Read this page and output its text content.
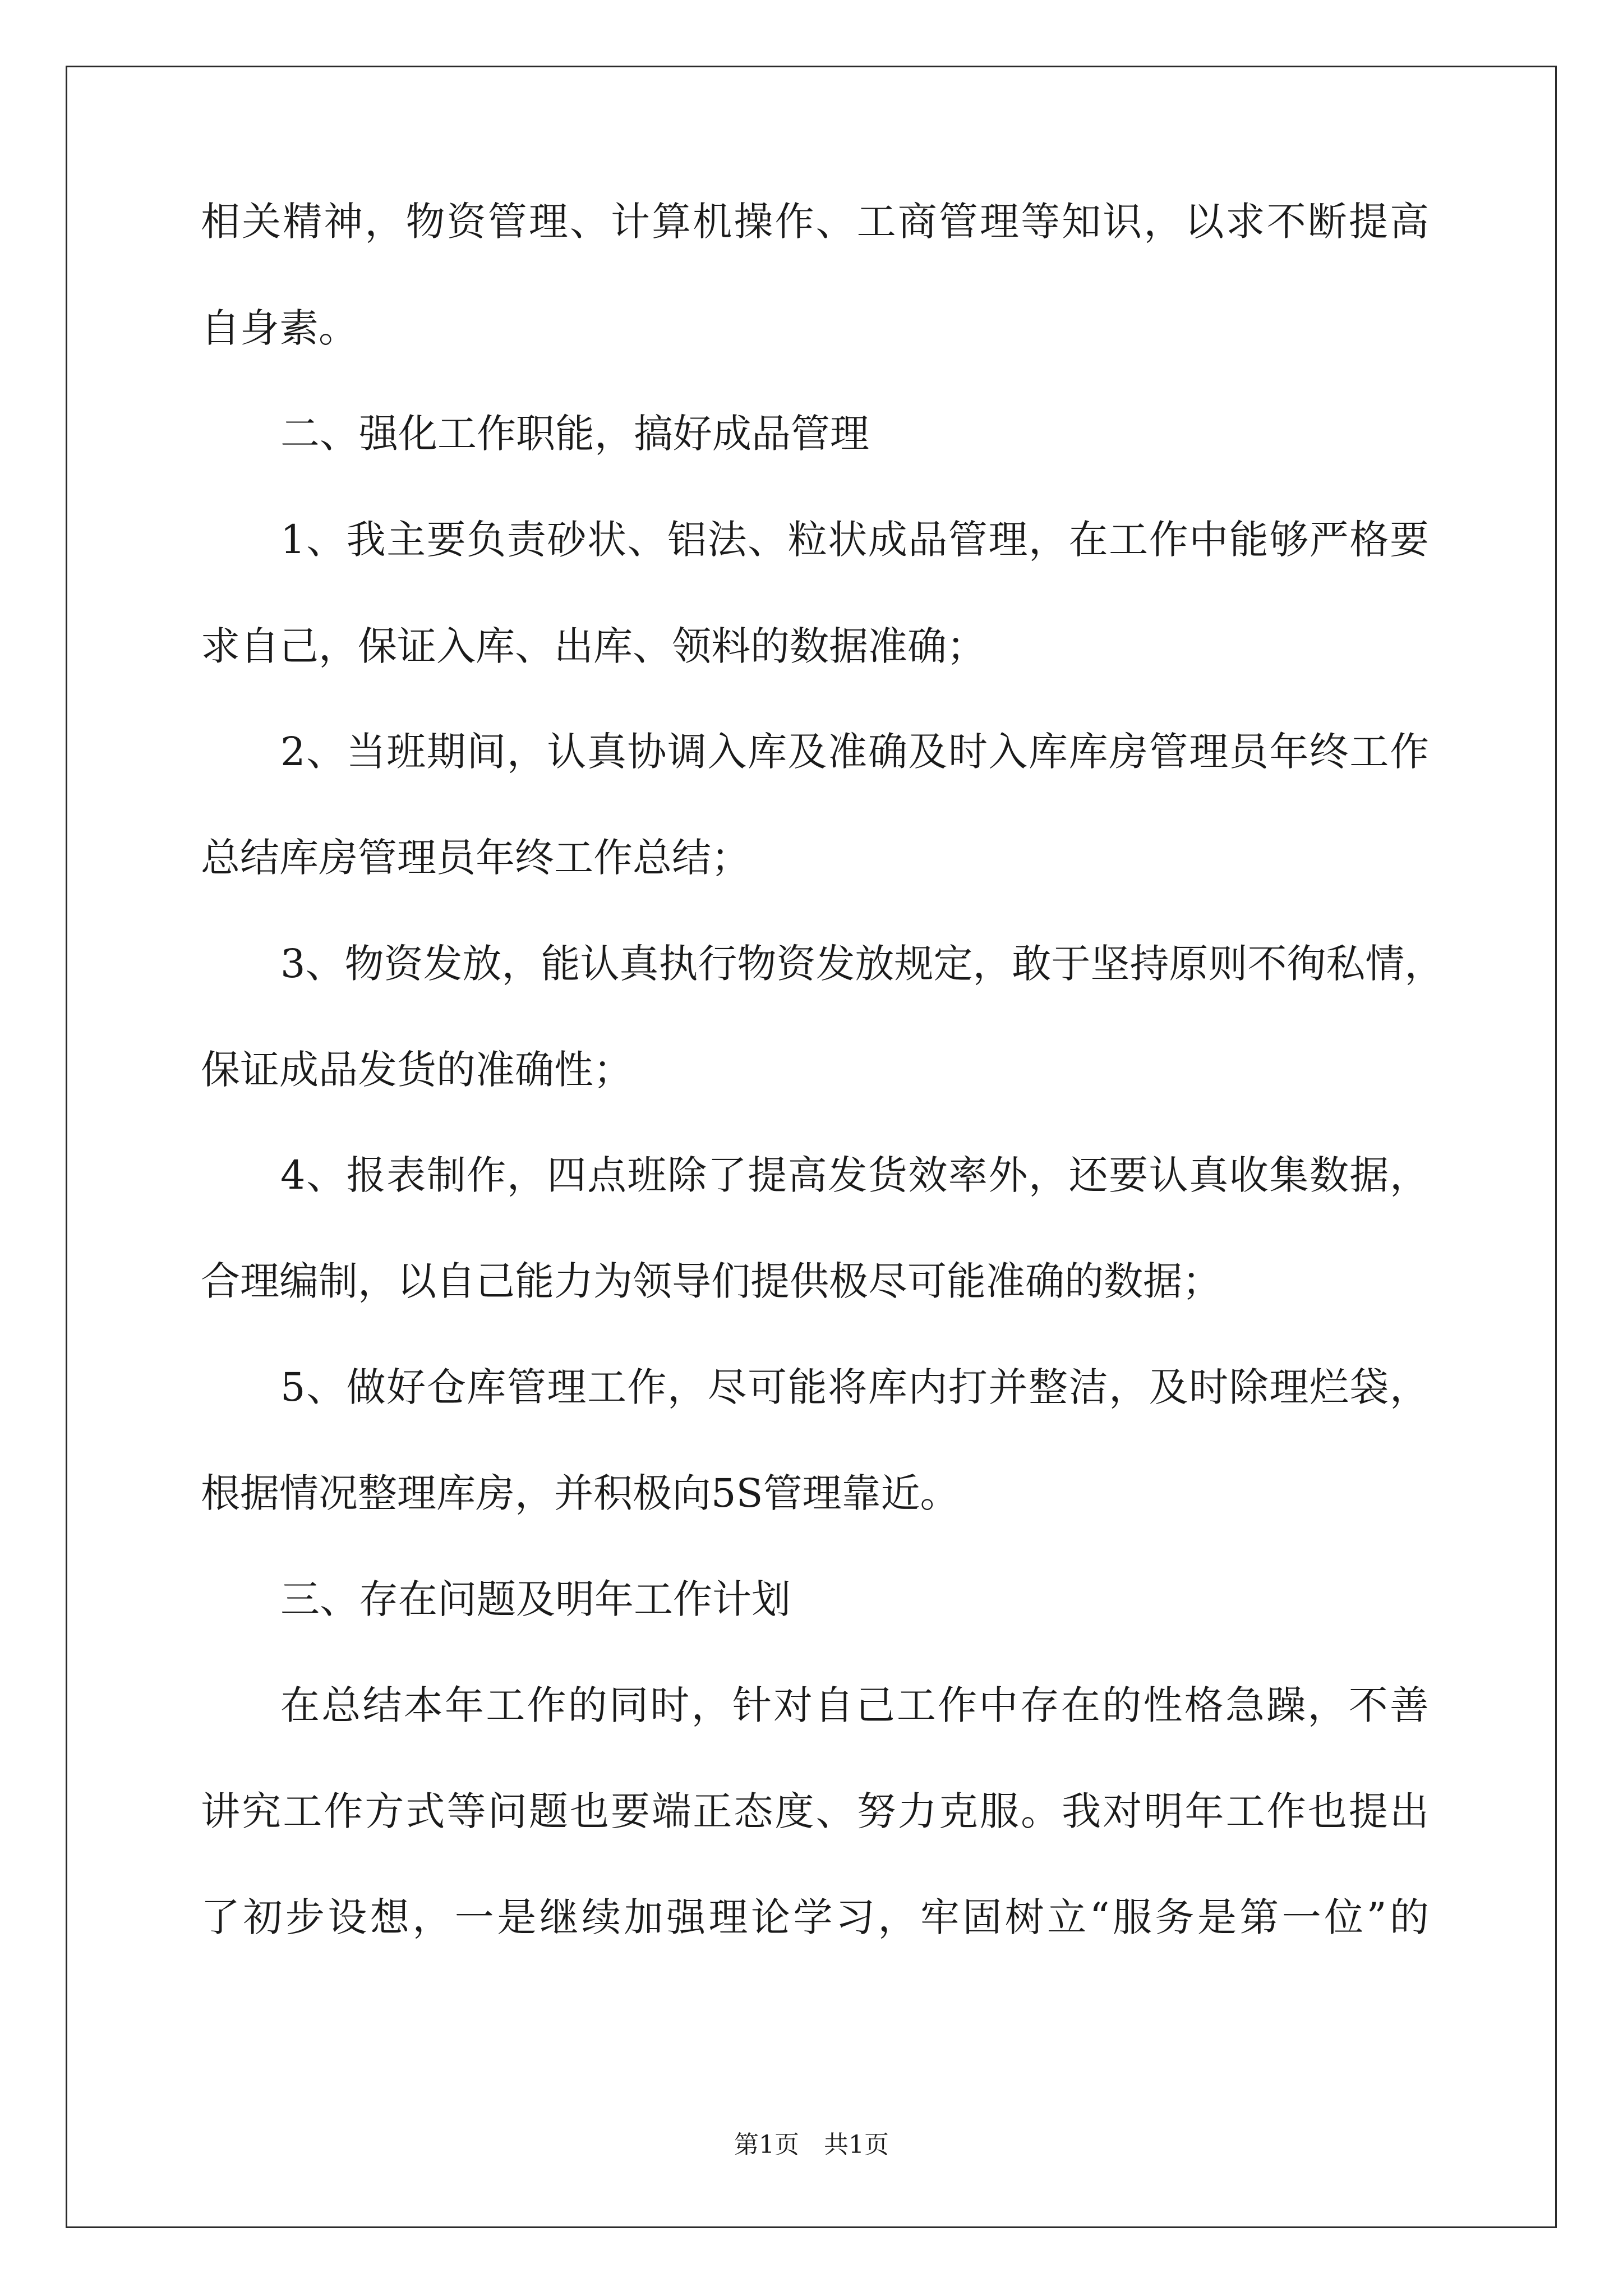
相关精神，物资管理、计算机操作、工商管理等知识，以求不断提高
自身素。
二、强化工作职能，搞好成品管理
1、我主要负责砂状、铝法、粒状成品管理，在工作中能够严格要
求自己，保证入库、出库、领料的数据准确；
2、当班期间，认真协调入库及准确及时入库库房管理员年终工作
总结库房管理员年终工作总结；
3、物资发放，能认真执行物资发放规定，敢于坚持原则不徇私情，
保证成品发货的准确性；
4、报表制作，四点班除了提高发货效率外，还要认真收集数据，
合理编制，以自己能力为领导们提供极尽可能准确的数据；
5、做好仓库管理工作，尽可能将库内打并整洁，及时除理烂袋，
根据情况整理库房，并积极向5S管理靠近。
三、存在问题及明年工作计划
在总结本年工作的同时，针对自己工作中存在的性格急躁，不善
讲究工作方式等问题也要端正态度、努力克服。我对明年工作也提出
了初步设想，一是继续加强理论学习，牢固树立“服务是第一位”的
第1页　共1页
